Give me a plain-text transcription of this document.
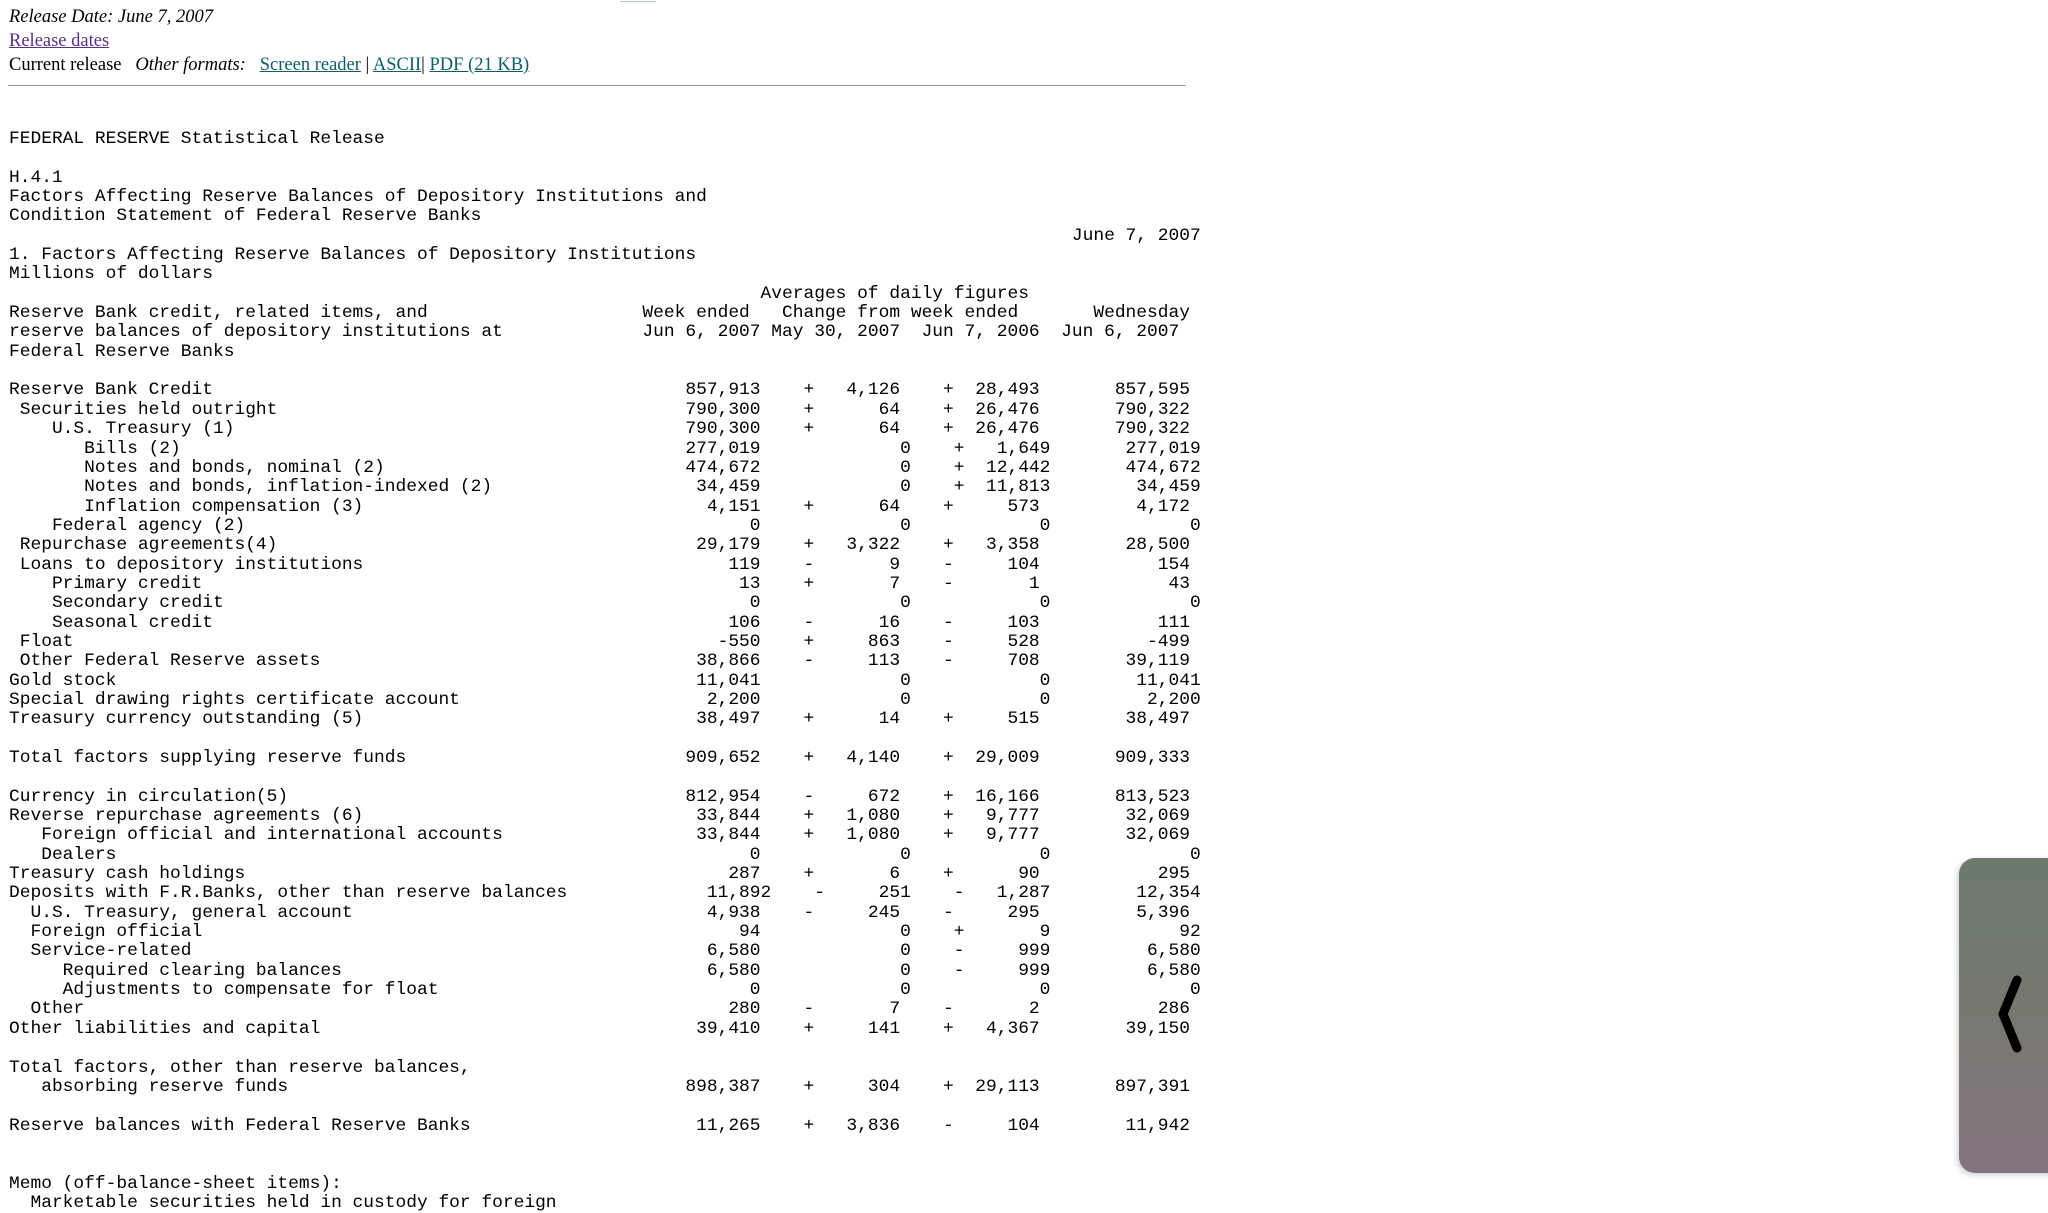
Release Date: June 7, 2007
Release dates
Current release Other formats: Screen reader | ASCII| PDF (21 KB)
FEDERAL RESERVE Statistical Release

H.4.1
Factors Affecting Reserve Balances of Depository Institutions and
Condition Statement of Federal Reserve Banks
June 7, 2007
1. Factors Affecting Reserve Balances of Depository Institutions
Millions of dollars
Averages of daily figures
Reserve Bank credit, related items, and                    Week ended   Change from week ended       Wednesday
reserve balances of depository institutions at             Jun 6, 2007 May 30, 2007  Jun 7, 2006  Jun 6, 2007
Federal Reserve Banks

Reserve Bank Credit                                            857,913    +   4,126    +  28,493       857,595
Securities held outright                                      790,300    +      64    +  26,476       790,322
U.S. Treasury (1)                                          790,300    +      64    +  26,476       790,322
Bills (2)                                               277,019             0    +   1,649       277,019
Notes and bonds, nominal (2)                            474,672             0    +  12,442       474,672
Notes and bonds, inflation-indexed (2)                   34,459             0    +  11,813        34,459
Inflation compensation (3)                                4,151    +      64    +     573         4,172
Federal agency (2)                                               0             0            0             0
Repurchase agreements(4)                                       29,179    +   3,322    +   3,358        28,500
Loans to depository institutions                                  119    -       9    -     104           154
Primary credit                                                  13    +       7    -       1            43
Secondary credit                                                 0             0            0             0
Seasonal credit                                                106    -      16    -     103           111
Float                                                            -550    +     863    -     528          -499
Other Federal Reserve assets                                   38,866    -     113    -     708        39,119
Gold stock                                                      11,041             0            0        11,041
Special drawing rights certificate account                       2,200             0            0         2,200
Treasury currency outstanding (5)                               38,497    +      14    +     515        38,497

Total factors supplying reserve funds                          909,652    +   4,140    +  29,009       909,333

Currency in circulation(5)                                     812,954    -     672    +  16,166       813,523
Reverse repurchase agreements (6)                               33,844    +   1,080    +   9,777        32,069
Foreign official and international accounts                  33,844    +   1,080    +   9,777        32,069
Dealers                                                           0             0            0             0
Treasury cash holdings                                             287    +       6    +      90           295
Deposits with F.R.Banks, other than reserve balances             11,892    -     251    -   1,287        12,354
U.S. Treasury, general account                                 4,938    -     245    -     295         5,396
Foreign official                                                  94             0    +       9            92
Service-related                                                6,580             0    -     999         6,580
Required clearing balances                                  6,580             0    -     999         6,580
Adjustments to compensate for float                             0             0            0             0
Other                                                            280    -       7    -       2           286
Other liabilities and capital                                   39,410    +     141    +   4,367        39,150

Total factors, other than reserve balances,
absorbing reserve funds                                     898,387    +     304    +  29,113       897,391

Reserve balances with Federal Reserve Banks                     11,265    +   3,836    -     104        11,942

Memo (off-balance-sheet items):
Marketable securities held in custody for foreign
